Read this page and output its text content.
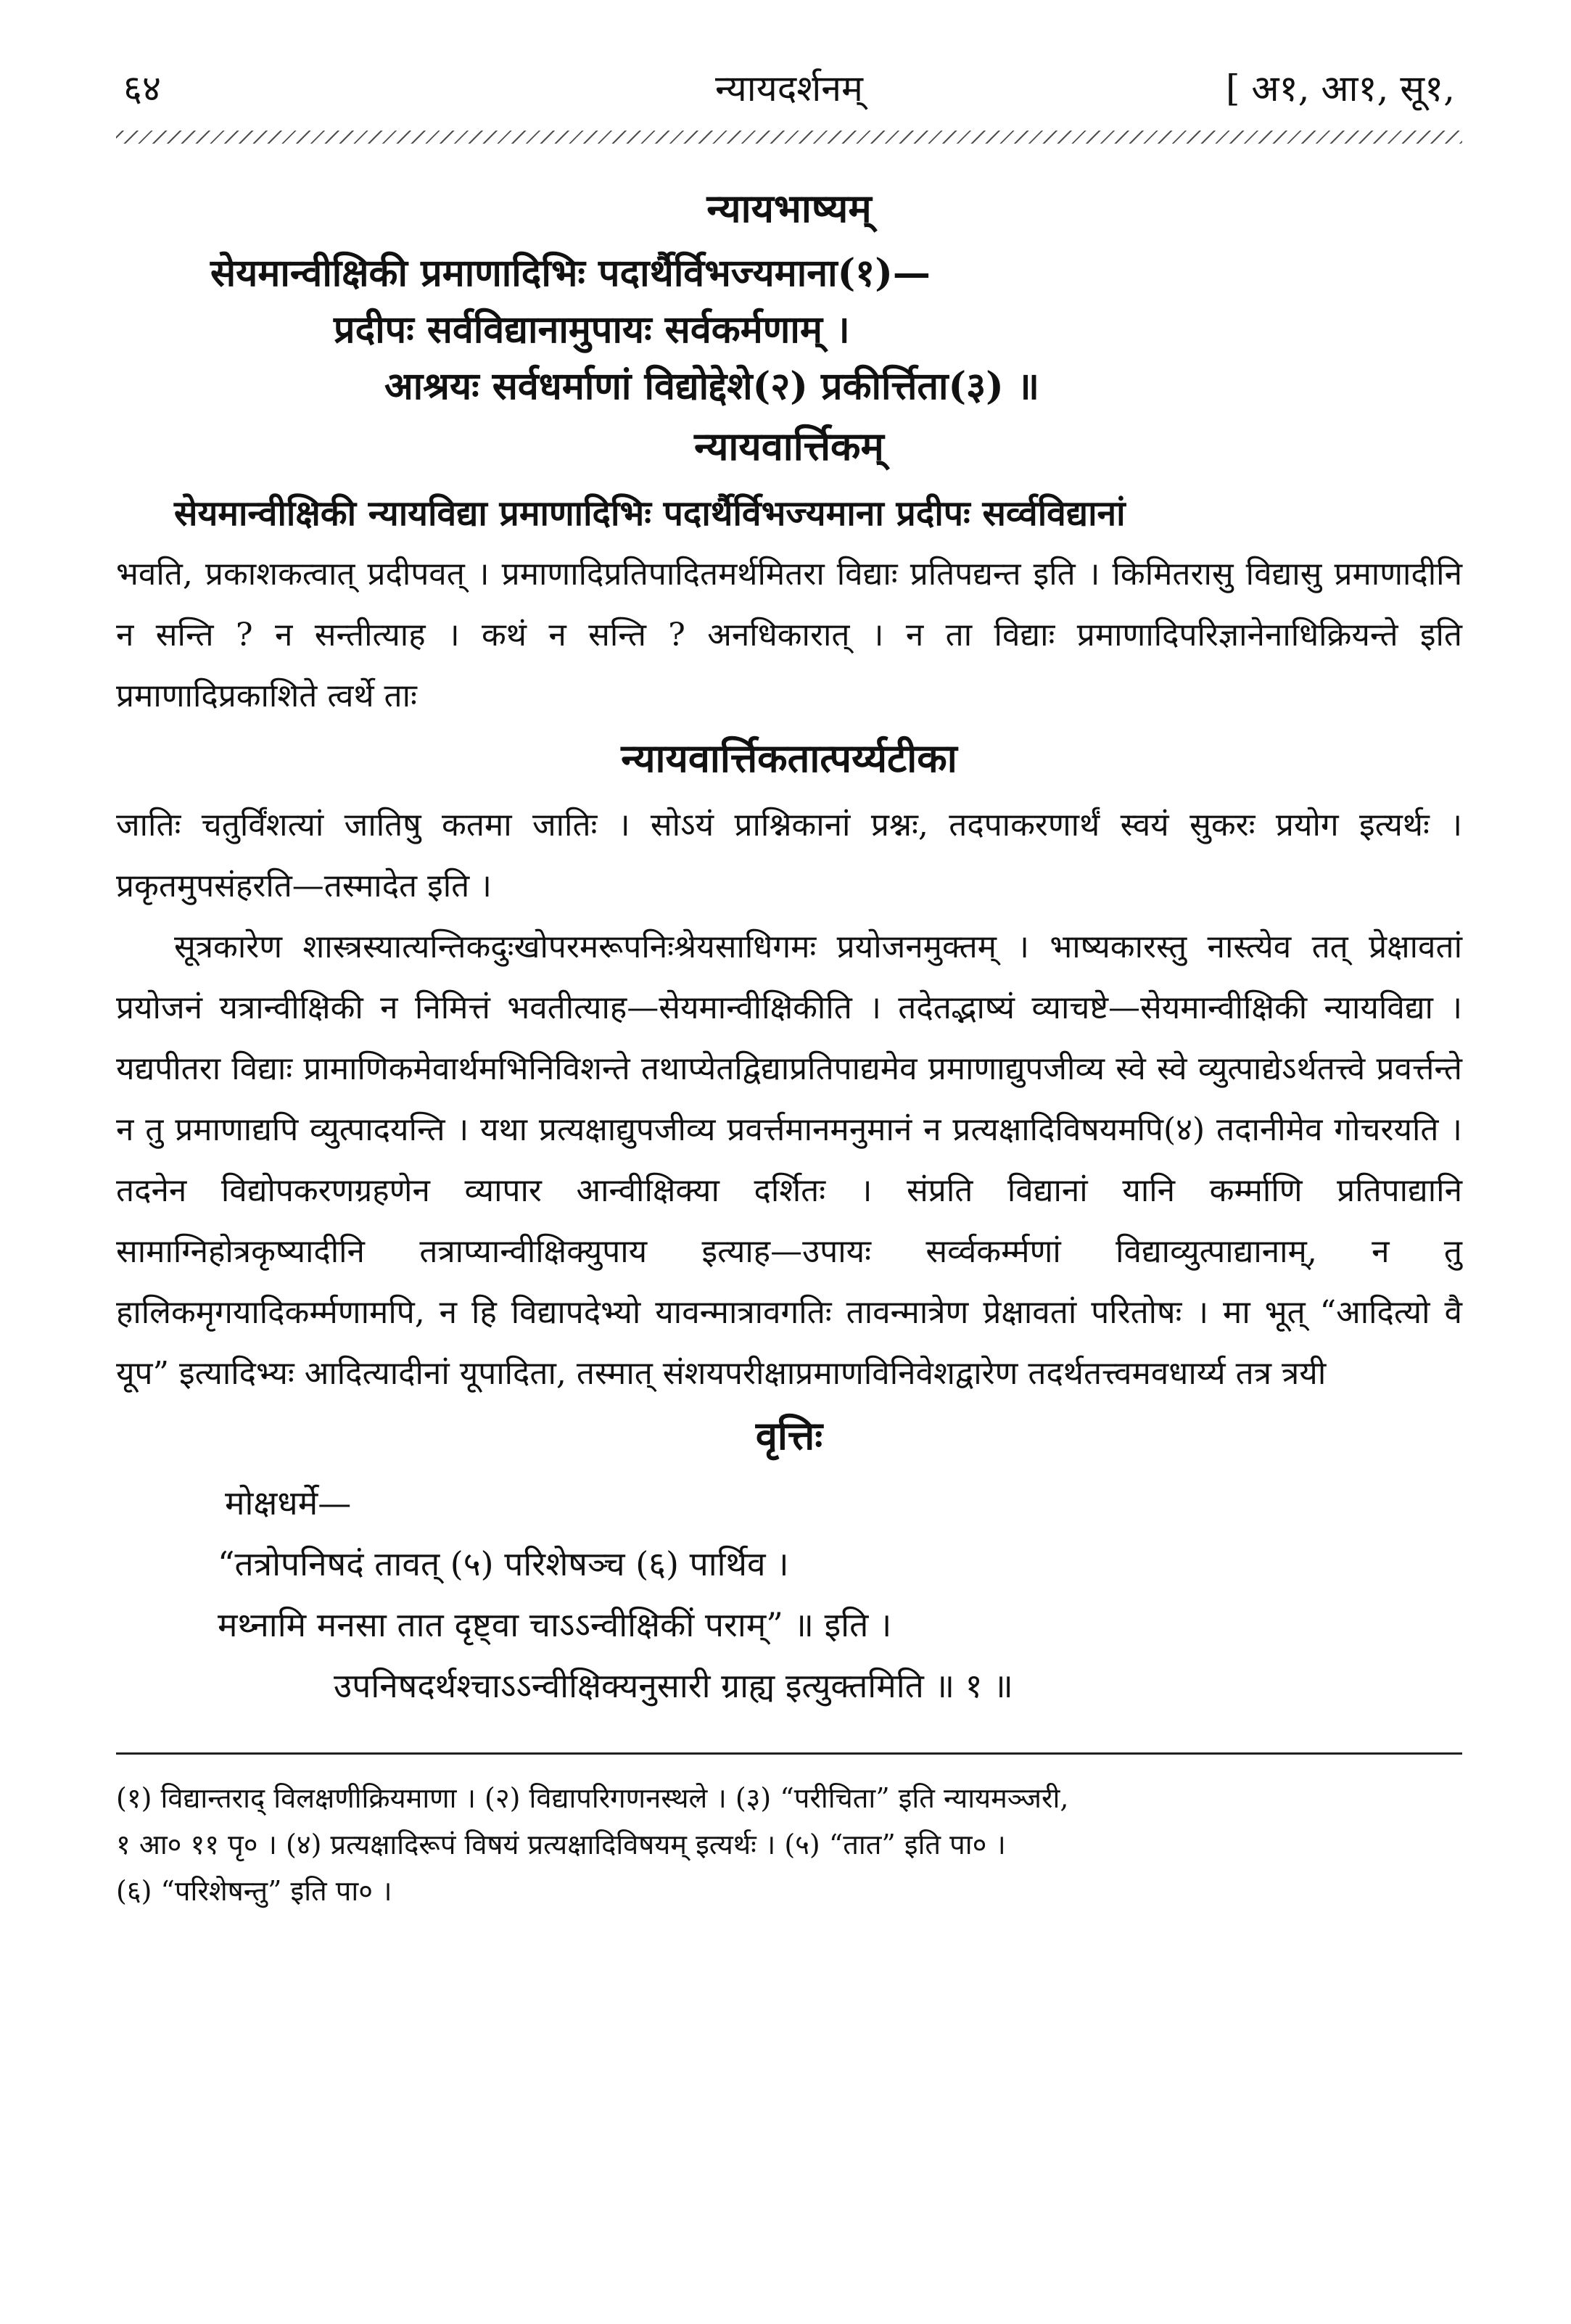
६४	न्यायदर्शनम्	[ अ१, आ१, सू१,
न्यायभाष्यम्
सेयमान्वीक्षिकी प्रमाणादिभिः पदार्थैर्विभज्यमाना(१)—
प्रदीपः सर्वविद्यानामुपायः सर्वकर्मणाम् ।
आश्रयः सर्वधर्माणां विद्योद्देशे(२) प्रकीर्त्तिता(३) ॥
न्यायवार्त्तिकम्

सेयमान्वीक्षिकी न्यायविद्या प्रमाणादिभिः पदार्थैर्विभज्यमाना प्रदीपः सर्व्वविद्यानां

भवति, प्रकाशकत्वात् प्रदीपवत् । प्रमाणादिप्रतिपादितमर्थमितरा विद्याः प्रतिपद्यन्त इति । किमितरासु विद्यासु प्रमाणादीनि न सन्ति ? न सन्तीत्याह । कथं न सन्ति ? अनधिकारात् । न ता विद्याः प्रमाणादिपरिज्ञानेनाधिक्रियन्ते इति प्रमाणादिप्रकाशिते त्वर्थे ताः

न्यायवार्त्तिकतात्पर्य्यटीका

जातिः चतुर्विंशत्यां जातिषु कतमा जातिः । सोऽयं प्राश्निकानां प्रश्नः, तदपाकरणार्थं स्वयं सुकरः प्रयोग इत्यर्थः । प्रकृतमुपसंहरति—तस्मादेत इति ।

सूत्रकारेण शास्त्रस्यात्यन्तिकदुःखोपरमरूपनिःश्रेयसाधिगमः प्रयोजनमुक्तम् । भाष्यकारस्तु नास्त्येव तत् प्रेक्षावतां प्रयोजनं यत्रान्वीक्षिकी न निमित्तं भवतीत्याह—सेयमान्वीक्षिकीति । तदेतद्भाष्यं व्याचष्टे—सेयमान्वीक्षिकी न्यायविद्या । यद्यपीतरा विद्याः प्रामाणिकमेवार्थमभिनिविशन्ते तथाप्येतद्विद्याप्रतिपाद्यमेव प्रमाणाद्युपजीव्य स्वे स्वे व्युत्पाद्येऽर्थतत्त्वे प्रवर्त्तन्ते न तु प्रमाणाद्यपि व्युत्पादयन्ति । यथा प्रत्यक्षाद्युपजीव्य प्रवर्त्तमानमनुमानं न प्रत्यक्षादिविषयमपि(४) तदानीमेव गोचरयति । तदनेन विद्योपकरणग्रहणेन व्यापार आन्वीक्षिक्या दर्शितः । संप्रति विद्यानां यानि कर्म्माणि प्रतिपाद्यानि सामाग्निहोत्रकृष्यादीनि तत्राप्यान्वीक्षिक्युपाय इत्याह—उपायः सर्व्वकर्म्मणां विद्याव्युत्पाद्यानाम्, न तु हालिकमृगयादिकर्म्मणामपि, न हि विद्यापदेभ्यो यावन्मात्रावगतिः तावन्मात्रेण प्रेक्षावतां परितोषः । मा भूत् “आदित्यो वै यूप” इत्यादिभ्यः आदित्यादीनां यूपादिता, तस्मात् संशयपरीक्षाप्रमाणविनिवेशद्वारेण तदर्थतत्त्वमवधार्य्य तत्र त्रयी

वृत्तिः
मोक्षधर्मे—
“तत्रोपनिषदं तावत् (५) परिशेषञ्च (६) पार्थिव ।
मथ्नामि मनसा तात दृष्ट्वा चाऽऽन्वीक्षिकीं पराम्” ॥ इति ।
उपनिषदर्थश्चाऽऽन्वीक्षिक्यनुसारी ग्राह्य इत्युक्तमिति ॥ १ ॥
(१) विद्यान्तराद् विलक्षणीक्रियमाणा । (२) विद्यापरिगणनस्थले । (३) “परीचिता” इति न्यायमञ्जरी,
१ आ० ११ पृ० । (४) प्रत्यक्षादिरूपं विषयं प्रत्यक्षादिविषयम् इत्यर्थः । (५) “तात” इति पा० ।
(६) “परिशेषन्तु” इति पा० ।
